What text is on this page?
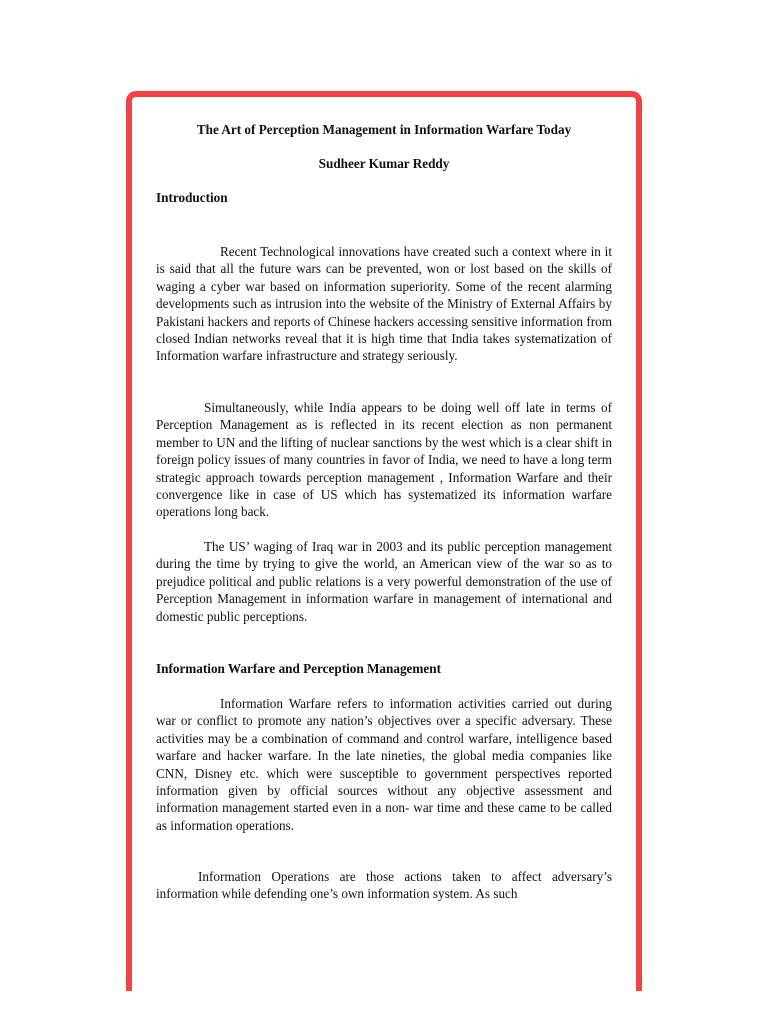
The Art of Perception Management in Information Warfare Today

Sudheer Kumar Reddy

Introduction

Recent Technological innovations have created such a context where in it is said that all the future wars can be prevented, won or lost based on the skills of waging a cyber war based on information superiority. Some of the recent alarming developments such as intrusion into the website of the Ministry of External Affairs by Pakistani hackers and reports of Chinese hackers accessing sensitive information from closed Indian networks reveal that it is high time that India takes systematization of Information warfare infrastructure and strategy seriously.

Simultaneously, while India appears to be doing well off late in terms of Perception Management as is reflected in its recent election as non permanent member to UN and the lifting of nuclear sanctions by the west which is a clear shift in foreign policy issues of many countries in favor of India, we need to have a long term strategic approach towards perception management , Information Warfare and their convergence like in case of US which has systematized its information warfare operations long back.

The US’ waging of Iraq war in 2003 and its public perception management during the time by trying to give the world, an American view of the war so as to prejudice political and public relations is a very powerful demonstration of the use of Perception Management in information warfare in management of international and domestic public perceptions.

Information Warfare and Perception Management

Information Warfare refers to information activities carried out during war or conflict to promote any nation’s objectives over a specific adversary. These activities may be a combination of command and control warfare, intelligence based warfare and hacker warfare. In the late nineties, the global media companies like CNN, Disney etc. which were susceptible to government perspectives reported information given by official sources without any objective assessment and information management started even in a non- war time and these came to be called as information operations.

Information Operations are those actions taken to affect adversary’s information while defending one’s own information system. As such
